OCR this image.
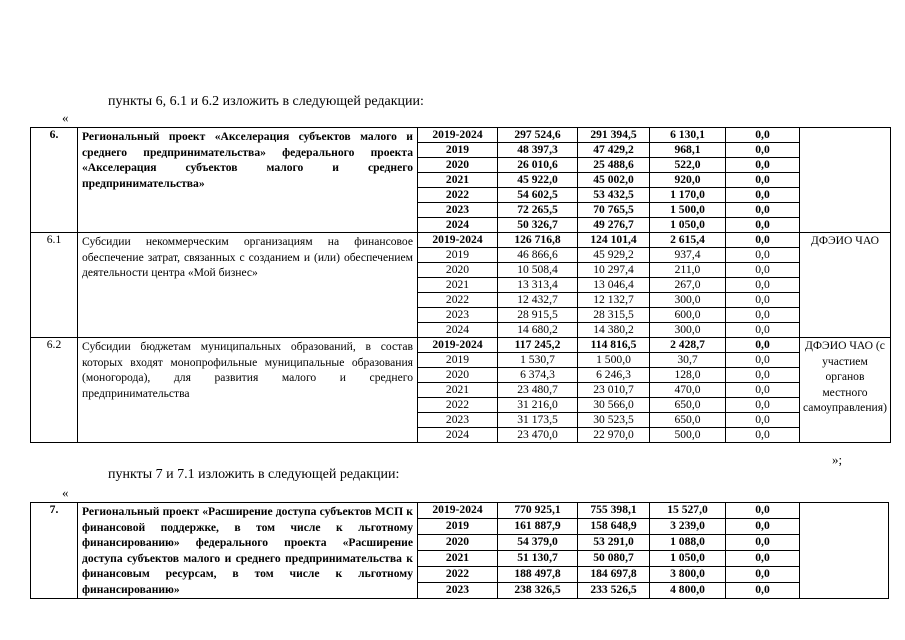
пункты 6, 6.1 и 6.2 изложить в следующей редакции:
«
6.	Региональный проект «Акселерация субъектов малого и среднего предпринимательства» федерального проекта «Акселерация субъектов малого и среднего предпринимательства»	2019-2024	297 524,6	291 394,5	6 130,1	0,0	
		2019	48 397,3	47 429,2	968,1	0,0	
		2020	26 010,6	25 488,6	522,0	0,0	
		2021	45 922,0	45 002,0	920,0	0,0	
		2022	54 602,5	53 432,5	1 170,0	0,0	
		2023	72 265,5	70 765,5	1 500,0	0,0	
		2024	50 326,7	49 276,7	1 050,0	0,0	
6.1	Субсидии некоммерческим организациям на финансовое обеспечение затрат, связанных с созданием и (или) обеспечением деятельности центра «Мой бизнес»	2019-2024	126 716,8	124 101,4	2 615,4	0,0	ДФЭИО ЧАО
		2019	46 866,6	45 929,2	937,4	0,0	
		2020	10 508,4	10 297,4	211,0	0,0	
		2021	13 313,4	13 046,4	267,0	0,0	
		2022	12 432,7	12 132,7	300,0	0,0	
		2023	28 915,5	28 315,5	600,0	0,0	
		2024	14 680,2	14 380,2	300,0	0,0	
6.2	Субсидии бюджетам муниципальных образований, в состав которых входят монопрофильные муниципальные образования (моногорода), для развития малого и среднего предпринимательства	2019-2024	117 245,2	114 816,5	2 428,7	0,0	ДФЭИО ЧАО (с участием органов местного самоуправления)
		2019	1 530,7	1 500,0	30,7	0,0	
		2020	6 374,3	6 246,3	128,0	0,0	
		2021	23 480,7	23 010,7	470,0	0,0	
		2022	31 216,0	30 566,0	650,0	0,0	
		2023	31 173,5	30 523,5	650,0	0,0	
		2024	23 470,0	22 970,0	500,0	0,0	
»;
пункты 7 и 7.1 изложить в следующей редакции:
«
7.	Региональный проект «Расширение доступа субъектов МСП к финансовой поддержке, в том числе к льготному финансированию» федерального проекта «Расширение доступа субъектов малого и среднего предпринимательства к финансовым ресурсам, в том числе к льготному финансированию»	2019-2024	770 925,1	755 398,1	15 527,0	0,0	
		2019	161 887,9	158 648,9	3 239,0	0,0	
		2020	54 379,0	53 291,0	1 088,0	0,0	
		2021	51 130,7	50 080,7	1 050,0	0,0	
		2022	188 497,8	184 697,8	3 800,0	0,0	
		2023	238 326,5	233 526,5	4 800,0	0,0	
